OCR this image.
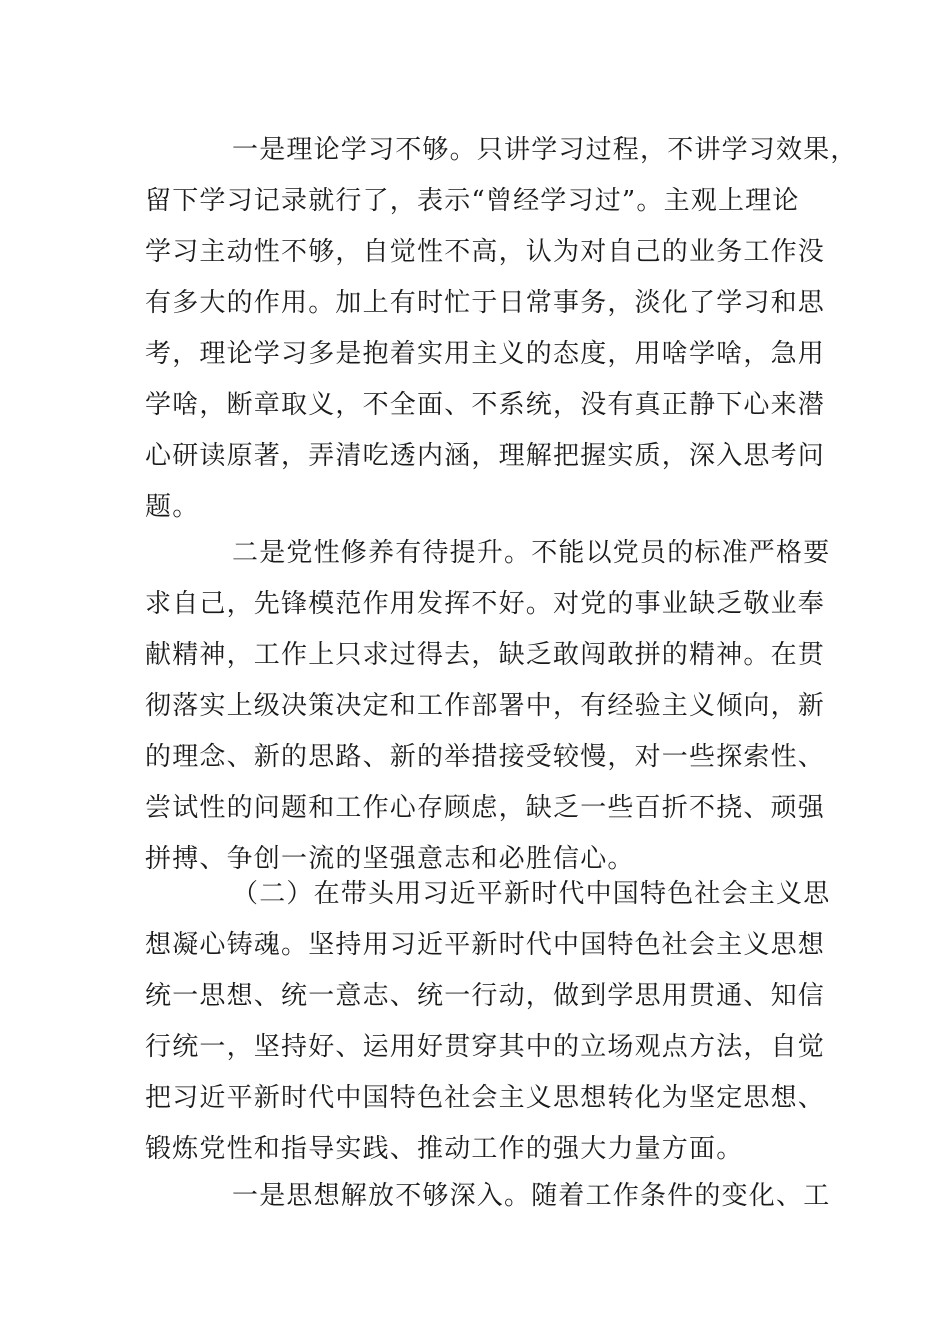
一是理论学习不够。只讲学习过程，不讲学习效果，
留下学习记录就行了，表示“曾经学习过”。主观上理论
学习主动性不够，自觉性不高，认为对自己的业务工作没
有多大的作用。加上有时忙于日常事务，淡化了学习和思
考，理论学习多是抱着实用主义的态度，用啥学啥，急用
学啥，断章取义，不全面、不系统，没有真正静下心来潜
心研读原著，弄清吃透内涵，理解把握实质，深入思考问
题。
二是党性修养有待提升。不能以党员的标准严格要
求自己，先锋模范作用发挥不好。对党的事业缺乏敬业奉
献精神，工作上只求过得去，缺乏敢闯敢拼的精神。在贯
彻落实上级决策决定和工作部署中，有经验主义倾向，新
的理念、新的思路、新的举措接受较慢，对一些探索性、
尝试性的问题和工作心存顾虑，缺乏一些百折不挠、顽强
拼搏、争创一流的坚强意志和必胜信心。
（二）在带头用习近平新时代中国特色社会主义思
想凝心铸魂。坚持用习近平新时代中国特色社会主义思想
统一思想、统一意志、统一行动，做到学思用贯通、知信
行统一，坚持好、运用好贯穿其中的立场观点方法，自觉
把习近平新时代中国特色社会主义思想转化为坚定思想、
锻炼党性和指导实践、推动工作的强大力量方面。
一是思想解放不够深入。随着工作条件的变化、工
